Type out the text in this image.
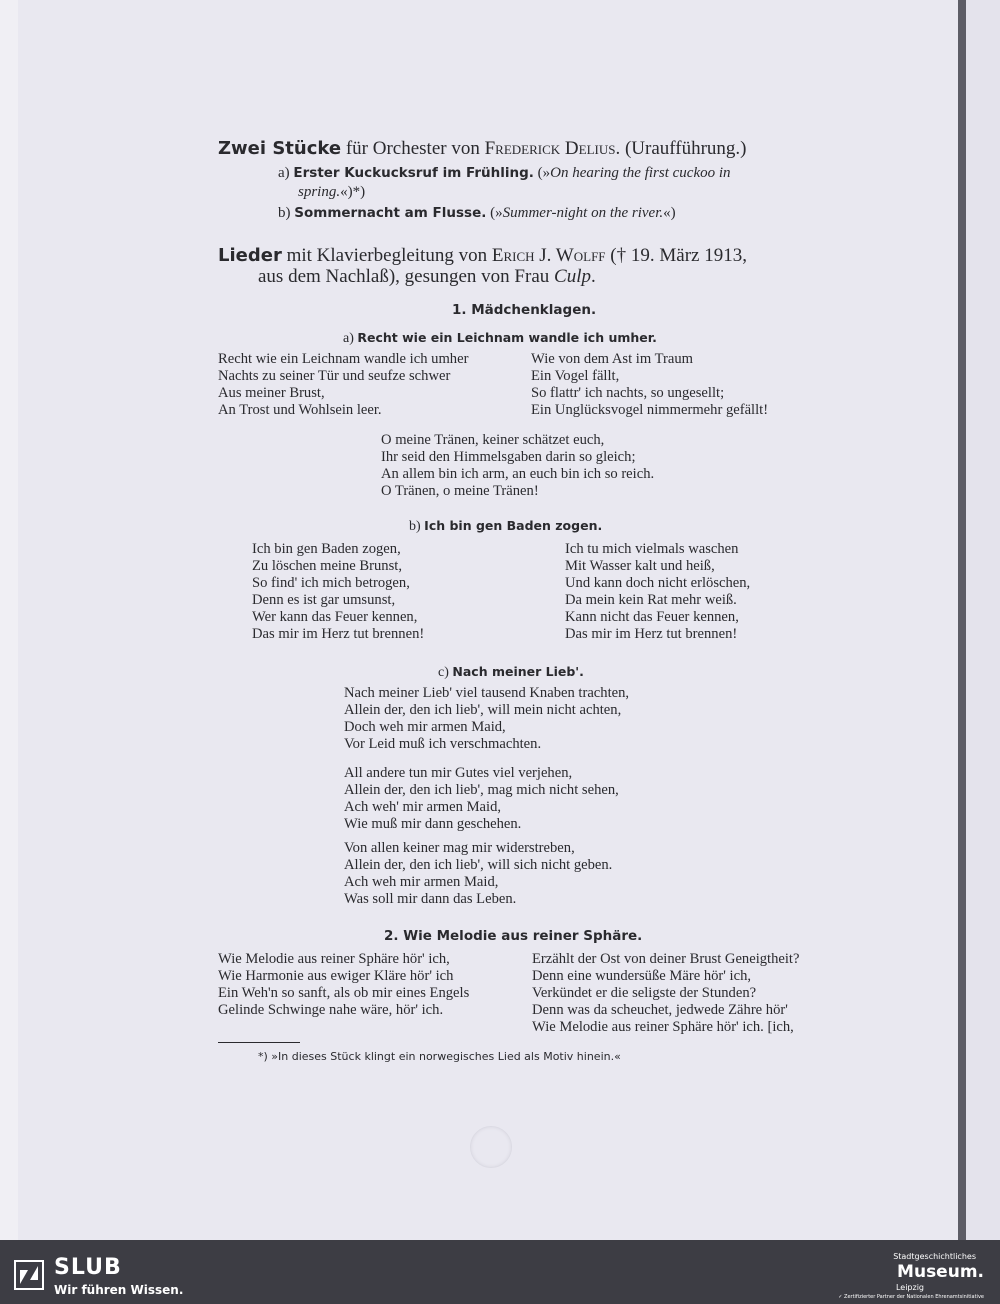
Zwei Stücke für Orchester von Frederick Delius. (Uraufführung.)
a) Erster Kuckucksruf im Frühling. (»On hearing the first cuckoo in
spring.«)*)
b) Sommernacht am Flusse. (»Summer-night on the river.«)
Lieder mit Klavierbegleitung von Erich J. Wolff († 19. März 1913,
aus dem Nachlaß), gesungen von Frau Culp.
1. Mädchenklagen.
a) Recht wie ein Leichnam wandle ich umher.
Recht wie ein Leichnam wandle ich umher
Nachts zu seiner Tür und seufze schwer
Aus meiner Brust,
An Trost und Wohlsein leer.
Wie von dem Ast im Traum
Ein Vogel fällt,
So flattr' ich nachts, so ungesellt;
Ein Unglücksvogel nimmermehr gefällt!
O meine Tränen, keiner schätzet euch,
Ihr seid den Himmelsgaben darin so gleich;
An allem bin ich arm, an euch bin ich so reich.
O Tränen, o meine Tränen!
b) Ich bin gen Baden zogen.
Ich bin gen Baden zogen,
Zu löschen meine Brunst,
So find' ich mich betrogen,
Denn es ist gar umsunst,
Wer kann das Feuer kennen,
Das mir im Herz tut brennen!
Ich tu mich vielmals waschen
Mit Wasser kalt und heiß,
Und kann doch nicht erlöschen,
Da mein kein Rat mehr weiß.
Kann nicht das Feuer kennen,
Das mir im Herz tut brennen!
c) Nach meiner Lieb'.
Nach meiner Lieb' viel tausend Knaben trachten,
Allein der, den ich lieb', will mein nicht achten,
Doch weh mir armen Maid,
Vor Leid muß ich verschmachten.
All andere tun mir Gutes viel verjehen,
Allein der, den ich lieb', mag mich nicht sehen,
Ach weh' mir armen Maid,
Wie muß mir dann geschehen.
Von allen keiner mag mir widerstreben,
Allein der, den ich lieb', will sich nicht geben.
Ach weh mir armen Maid,
Was soll mir dann das Leben.
2. Wie Melodie aus reiner Sphäre.
Wie Melodie aus reiner Sphäre hör' ich,
Wie Harmonie aus ewiger Kläre hör' ich
Ein Weh'n so sanft, als ob mir eines Engels
Gelinde Schwinge nahe wäre, hör' ich.
Erzählt der Ost von deiner Brust Geneigtheit?
Denn eine wundersüße Märe hör' ich,
Verkündet er die seligste der Stunden?
Denn was da scheuchet, jedwede Zähre hör'
Wie Melodie aus reiner Sphäre hör' ich. [ich,
*) »In dieses Stück klingt ein norwegisches Lied als Motiv hinein.«
SLUB
Wir führen Wissen.
Stadtgeschichtliches
Museum.
Leipzig
✓ Zertifizierter Partner der Nationalen Ehrenamtsinitiative
